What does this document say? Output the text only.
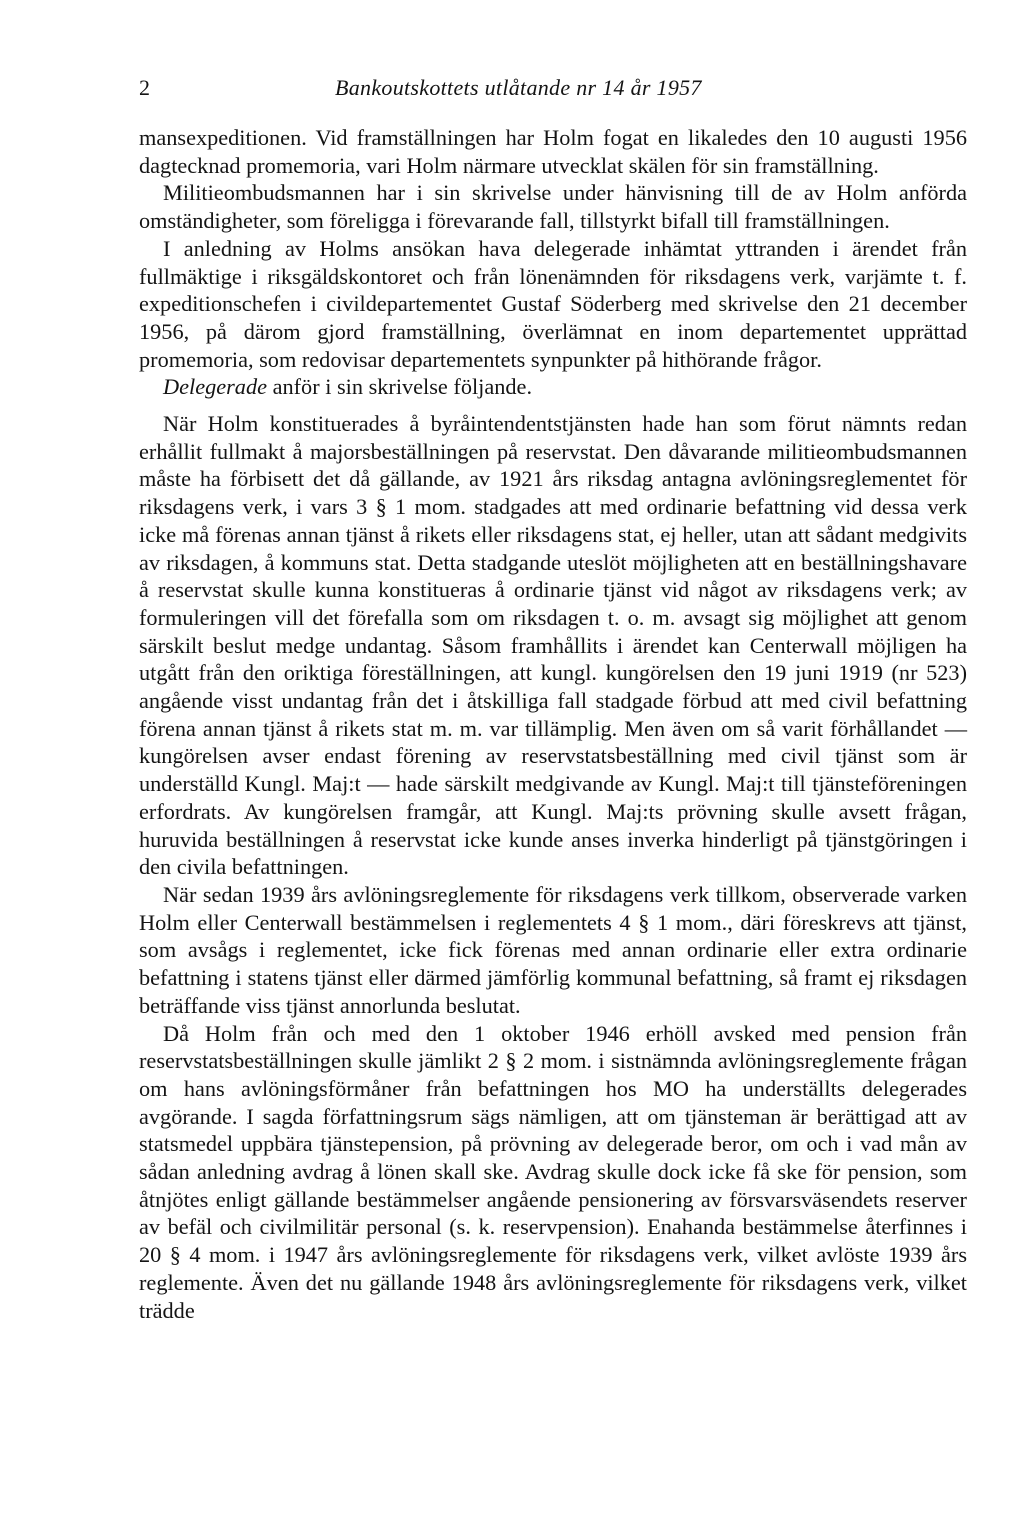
2	Bankoutskottets utlåtande nr 14 år 1957

mansexpeditionen. Vid framställningen har Holm fogat en likaledes den 10 augusti 1956 dagtecknad promemoria, vari Holm närmare utvecklat skälen för sin framställning.

Militieombudsmannen har i sin skrivelse under hänvisning till de av Holm anförda omständigheter, som föreligga i förevarande fall, tillstyrkt bifall till framställningen.

I anledning av Holms ansökan hava delegerade inhämtat yttranden i ärendet från fullmäktige i riksgäldskontoret och från lönenämnden för riksdagens verk, varjämte t. f. expeditionschefen i civildepartementet Gustaf Söderberg med skrivelse den 21 december 1956, på därom gjord framställning, överlämnat en inom departementet upprättad promemoria, som redovisar departementets synpunkter på hithörande frågor.

Delegerade anför i sin skrivelse följande.

När Holm konstituerades å byråintendentstjänsten hade han som förut nämnts redan erhållit fullmakt å majorsbeställningen på reservstat. Den dåvarande militieombudsmannen måste ha förbisett det då gällande, av 1921 års riksdag antagna avlöningsreglementet för riksdagens verk, i vars 3 § 1 mom. stadgades att med ordinarie befattning vid dessa verk icke må förenas annan tjänst å rikets eller riksdagens stat, ej heller, utan att sådant medgivits av riksdagen, å kommuns stat. Detta stadgande uteslöt möjligheten att en beställningshavare å reservstat skulle kunna konstitueras å ordinarie tjänst vid något av riksdagens verk; av formuleringen vill det förefalla som om riksdagen t. o. m. avsagt sig möjlighet att genom särskilt beslut medge undantag. Såsom framhållits i ärendet kan Centerwall möjligen ha utgått från den oriktiga föreställningen, att kungl. kungörelsen den 19 juni 1919 (nr 523) angående visst undantag från det i åtskilliga fall stadgade förbud att med civil befattning förena annan tjänst å rikets stat m. m. var tillämplig. Men även om så varit förhållandet — kungörelsen avser endast förening av reservstatsbeställning med civil tjänst som är underställd Kungl. Maj:t — hade särskilt medgivande av Kungl. Maj:t till tjänsteföreningen erfordrats. Av kungörelsen framgår, att Kungl. Maj:ts prövning skulle avsett frågan, huruvida beställningen å reservstat icke kunde anses inverka hinderligt på tjänstgöringen i den civila befattningen.

När sedan 1939 års avlöningsreglemente för riksdagens verk tillkom, observerade varken Holm eller Centerwall bestämmelsen i reglementets 4 § 1 mom., däri föreskrevs att tjänst, som avsågs i reglementet, icke fick förenas med annan ordinarie eller extra ordinarie befattning i statens tjänst eller därmed jämförlig kommunal befattning, så framt ej riksdagen beträffande viss tjänst annorlunda beslutat.

Då Holm från och med den 1 oktober 1946 erhöll avsked med pension från reservstatsbeställningen skulle jämlikt 2 § 2 mom. i sistnämnda avlöningsreglemente frågan om hans avlöningsförmåner från befattningen hos MO ha underställts delegerades avgörande. I sagda författningsrum sägs nämligen, att om tjänsteman är berättigad att av statsmedel uppbära tjänstepension, på prövning av delegerade beror, om och i vad mån av sådan anledning avdrag å lönen skall ske. Avdrag skulle dock icke få ske för pension, som åtnjötes enligt gällande bestämmelser angående pensionering av försvarsväsendets reserver av befäl och civilmilitär personal (s. k. reservpension). Enahanda bestämmelse återfinnes i 20 § 4 mom. i 1947 års avlöningsreglemente för riksdagens verk, vilket avlöste 1939 års reglemente. Även det nu gällande 1948 års avlöningsreglemente för riksdagens verk, vilket trädde
